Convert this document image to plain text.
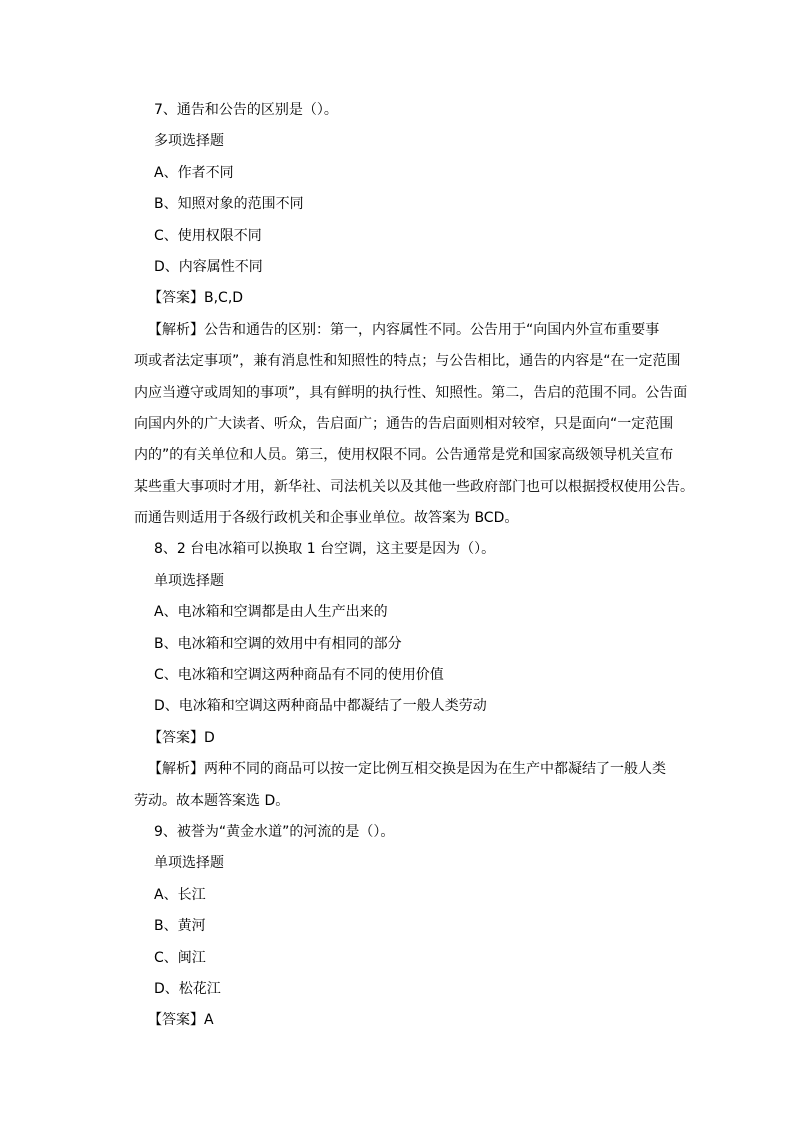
7、通告和公告的区别是（）。
多项选择题
A、作者不同
B、知照对象的范围不同
C、使用权限不同
D、内容属性不同
【答案】B,C,D
【解析】公告和通告的区别：第一，内容属性不同。公告用于“向国内外宣布重要事
项或者法定事项”，兼有消息性和知照性的特点；与公告相比，通告的内容是“在一定范围
内应当遵守或周知的事项”，具有鲜明的执行性、知照性。第二，告启的范围不同。公告面
向国内外的广大读者、听众，告启面广；通告的告启面则相对较窄，只是面向“一定范围
内的”的有关单位和人员。第三，使用权限不同。公告通常是党和国家高级领导机关宣布
某些重大事项时才用，新华社、司法机关以及其他一些政府部门也可以根据授权使用公告。
而通告则适用于各级行政机关和企事业单位。故答案为 BCD。
8、2 台电冰箱可以换取 1 台空调，这主要是因为（）。
单项选择题
A、电冰箱和空调都是由人生产出来的
B、电冰箱和空调的效用中有相同的部分
C、电冰箱和空调这两种商品有不同的使用价值
D、电冰箱和空调这两种商品中都凝结了一般人类劳动
【答案】D
【解析】两种不同的商品可以按一定比例互相交换是因为在生产中都凝结了一般人类
劳动。故本题答案选 D。
9、被誉为“黄金水道”的河流的是（）。
单项选择题
A、长江
B、黄河
C、闽江
D、松花江
【答案】A
